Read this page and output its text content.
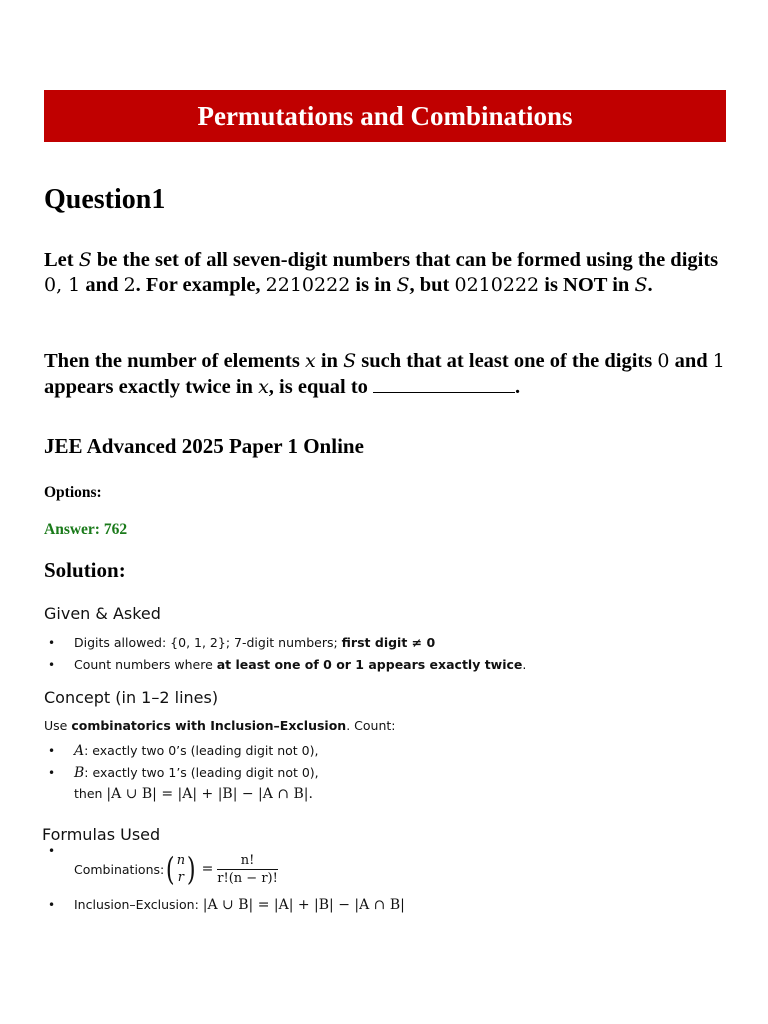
Permutations and Combinations
Question1
Let S be the set of all seven-digit numbers that can be formed using the digits 0, 1 and 2. For example, 2210222 is in S, but 0210222 is NOT in S.
Then the number of elements x in S such that at least one of the digits 0 and 1 appears exactly twice in x, is equal to	.
JEE Advanced 2025 Paper 1 Online
Options:
Answer: 762
Solution:
Given & Asked
• Digits allowed: {0, 1, 2}; 7-digit numbers; first digit ≠ 0
• Count numbers where at least one of 0 or 1 appears exactly twice.
Concept (in 1–2 lines)
Use combinatorics with Inclusion–Exclusion. Count:
• A: exactly two 0’s (leading digit not 0),
• B: exactly two 1’s (leading digit not 0),
then |A ∪ B| = |A| + |B| − |A ∩ B|.
Formulas Used
• Combinations: ( n
r ) = $\frac{n!}{r!(n - r)!}$
• Inclusion–Exclusion: |A ∪ B| = |A| + |B| − |A ∩ B|
